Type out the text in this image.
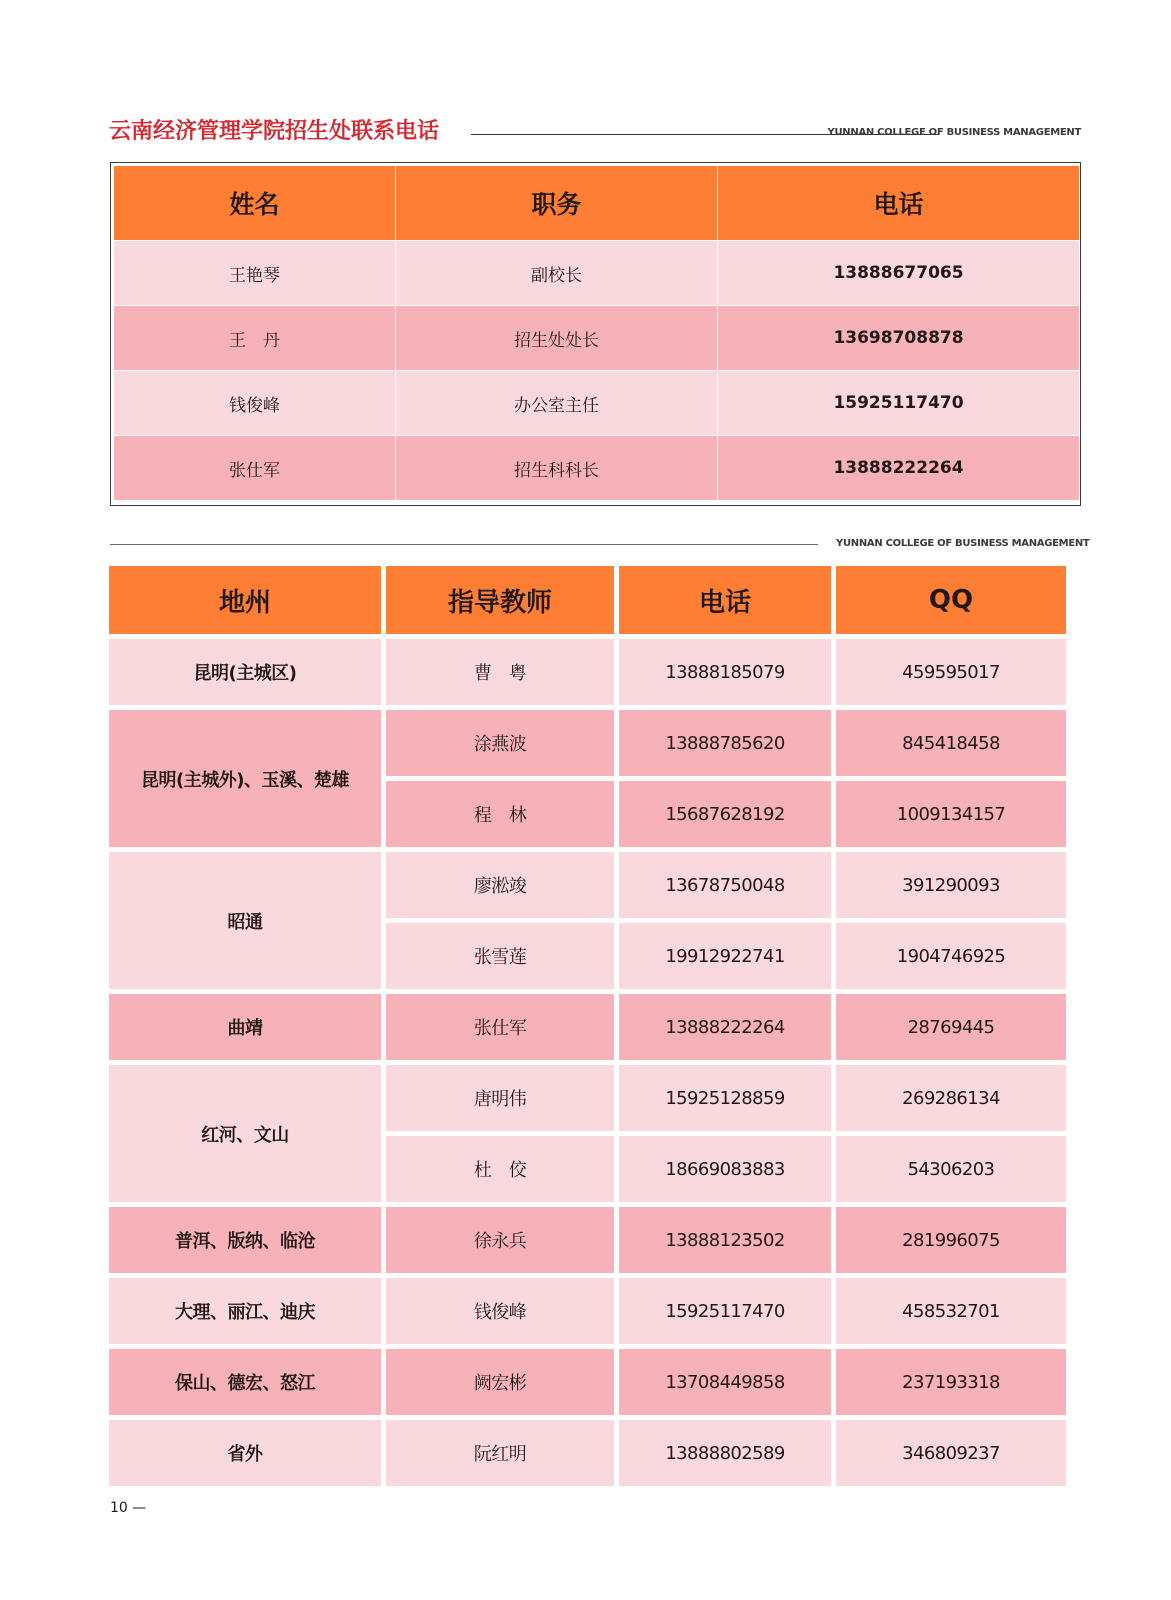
云南经济管理学院招生处联系电话	YUNNAN COLLEGE OF BUSINESS MANAGEMENT
姓名	职务	电话
王艳琴	副校长	13888677065
王　丹	招生处处长	13698708878
钱俊峰	办公室主任	15925117470
张仕军	招生科科长	13888222264
YUNNAN COLLEGE OF BUSINESS MANAGEMENT
地州	指导教师	电话	QQ
昆明(主城区)	曹　粤	13888185079	459595017
昆明(主城外)、玉溪、楚雄	涂燕波	13888785620	845418458
	程　林	15687628192	1009134157
昭通	廖淞竣	13678750048	391290093
	张雪莲	19912922741	1904746925
曲靖	张仕军	13888222264	28769445
红河、文山	唐明伟	15925128859	269286134
	杜　佼	18669083883	54306203
普洱、版纳、临沧	徐永兵	13888123502	281996075
大理、丽江、迪庆	钱俊峰	15925117470	458532701
保山、德宏、怒江	阙宏彬	13708449858	237193318
省外	阮红明	13888802589	346809237
10 —
